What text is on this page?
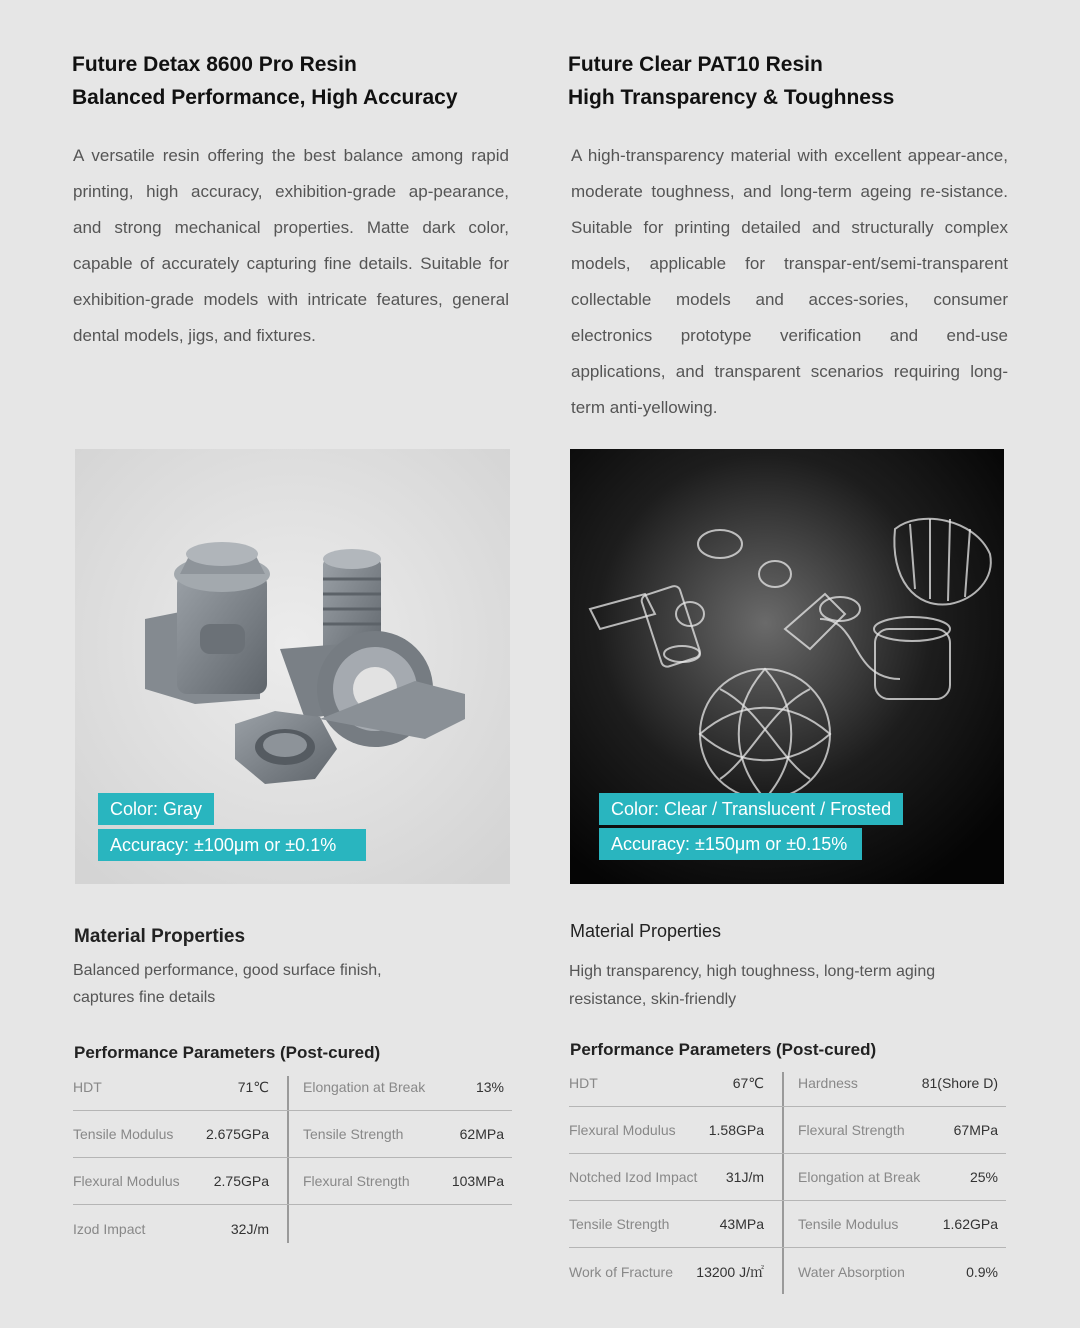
Future Detax 8600 Pro Resin
Balanced Performance, High Accuracy
A versatile resin offering the best balance among rapid printing, high accuracy, exhibition-grade ap-pearance, and strong mechanical properties. Matte dark color, capable of accurately capturing fine details. Suitable for exhibition-grade models with intricate features, general dental models, jigs, and fixtures.
Color: Gray
Accuracy: ±100μm or ±0.1%
Material Properties
Balanced performance, good surface finish,
captures fine details
Performance Parameters (Post-cured)
HDT	71℃ Elongation at Break	13%
Tensile Modulus 2.675GPa Tensile Strength	62MPa
Flexural Modulus 2.75GPa Flexural Strength	103MPa
Izod Impact	32J/m
Future Clear PAT10 Resin
High Transparency & Toughness
A high-transparency material with excellent appear-ance, moderate toughness, and long-term ageing re-sistance. Suitable for printing detailed and structurally complex models, applicable for transpar-ent/semi-transparent collectable models and acces-sories, consumer electronics prototype verification and end-use applications, and transparent scenarios requiring long-term anti-yellowing.
Color: Clear / Translucent / Frosted
Accuracy: ±150μm or ±0.15%
Material Properties
High transparency, high toughness, long-term aging
resistance, skin-friendly
Performance Parameters (Post-cured)
HDT	67℃ Hardness	81(Shore D)
Flexural Modulus 1.58GPa Flexural Strength	67MPa
Notched Izod Impact 31J/m Elongation at Break	25%
Tensile Strength	43MPa Tensile Modulus	1.62GPa
Work of Fracture 13200 J/㎡ Water Absorption	0.9%
